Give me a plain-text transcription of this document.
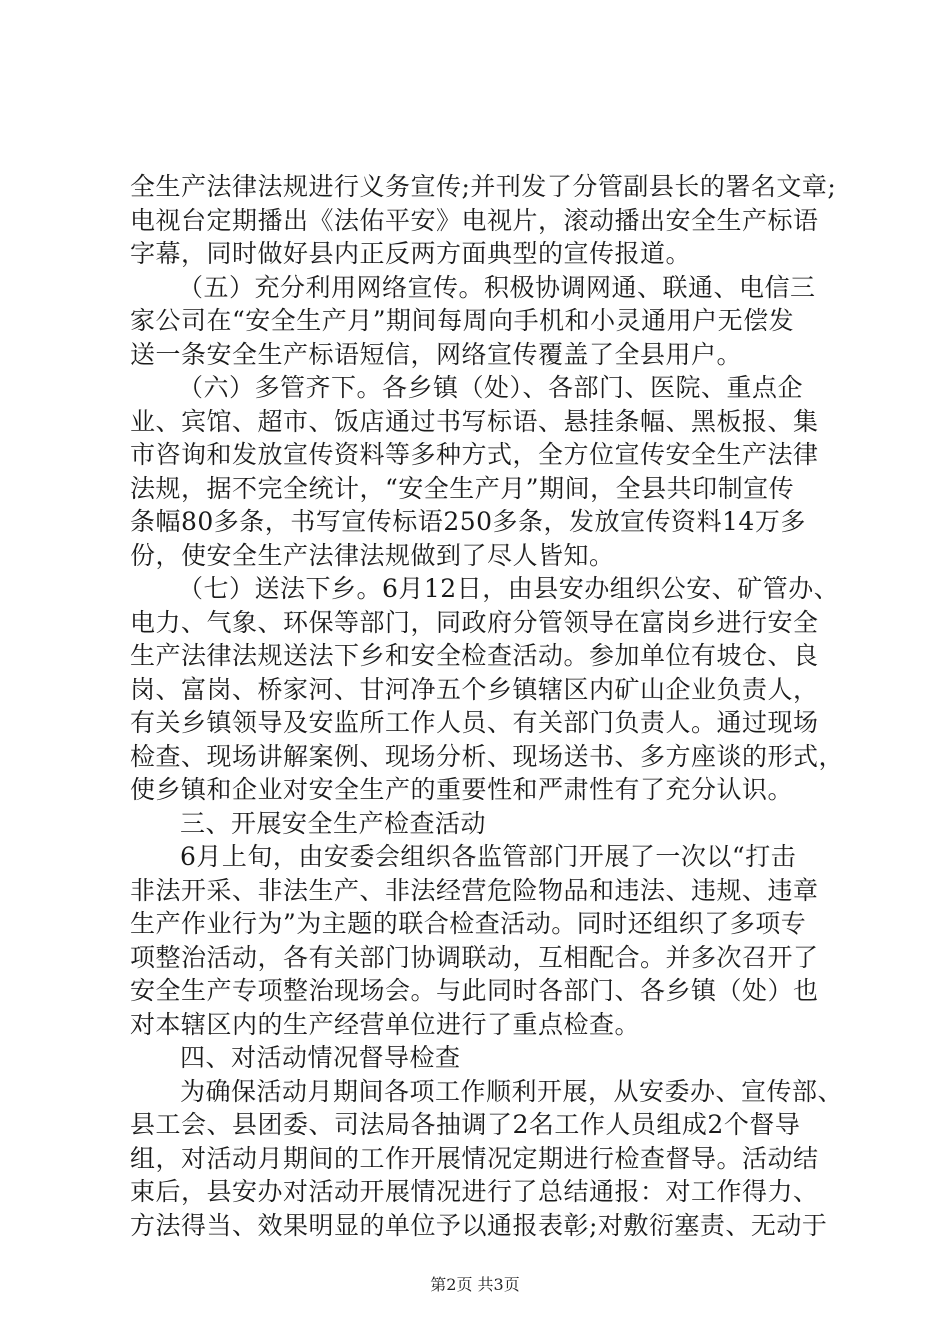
全生产法律法规进行义务宣传;并刊发了分管副县长的署名文章;
电视台定期播出《法佑平安》电视片，滚动播出安全生产标语
字幕，同时做好县内正反两方面典型的宣传报道。
（五）充分利用网络宣传。积极协调网通、联通、电信三
家公司在“安全生产月”期间每周向手机和小灵通用户无偿发
送一条安全生产标语短信，网络宣传覆盖了全县用户。
（六）多管齐下。各乡镇（处）、各部门、医院、重点企
业、宾馆、超市、饭店通过书写标语、悬挂条幅、黑板报、集
市咨询和发放宣传资料等多种方式，全方位宣传安全生产法律
法规，据不完全统计，“安全生产月”期间，全县共印制宣传
条幅80多条，书写宣传标语250多条，发放宣传资料14万多
份，使安全生产法律法规做到了尽人皆知。
（七）送法下乡。6月12日，由县安办组织公安、矿管办、
电力、气象、环保等部门，同政府分管领导在富岗乡进行安全
生产法律法规送法下乡和安全检查活动。参加单位有坡仓、良
岗、富岗、桥家河、甘河净五个乡镇辖区内矿山企业负责人，
有关乡镇领导及安监所工作人员、有关部门负责人。通过现场
检查、现场讲解案例、现场分析、现场送书、多方座谈的形式，
使乡镇和企业对安全生产的重要性和严肃性有了充分认识。
三、开展安全生产检查活动
6月上旬，由安委会组织各监管部门开展了一次以“打击
非法开采、非法生产、非法经营危险物品和违法、违规、违章
生产作业行为”为主题的联合检查活动。同时还组织了多项专
项整治活动，各有关部门协调联动，互相配合。并多次召开了
安全生产专项整治现场会。与此同时各部门、各乡镇（处）也
对本辖区内的生产经营单位进行了重点检查。
四、对活动情况督导检查
为确保活动月期间各项工作顺利开展，从安委办、宣传部、
县工会、县团委、司法局各抽调了2名工作人员组成2个督导
组，对活动月期间的工作开展情况定期进行检查督导。活动结
束后，县安办对活动开展情况进行了总结通报：对工作得力、
方法得当、效果明显的单位予以通报表彰;对敷衍塞责、无动于
第2页 共3页
